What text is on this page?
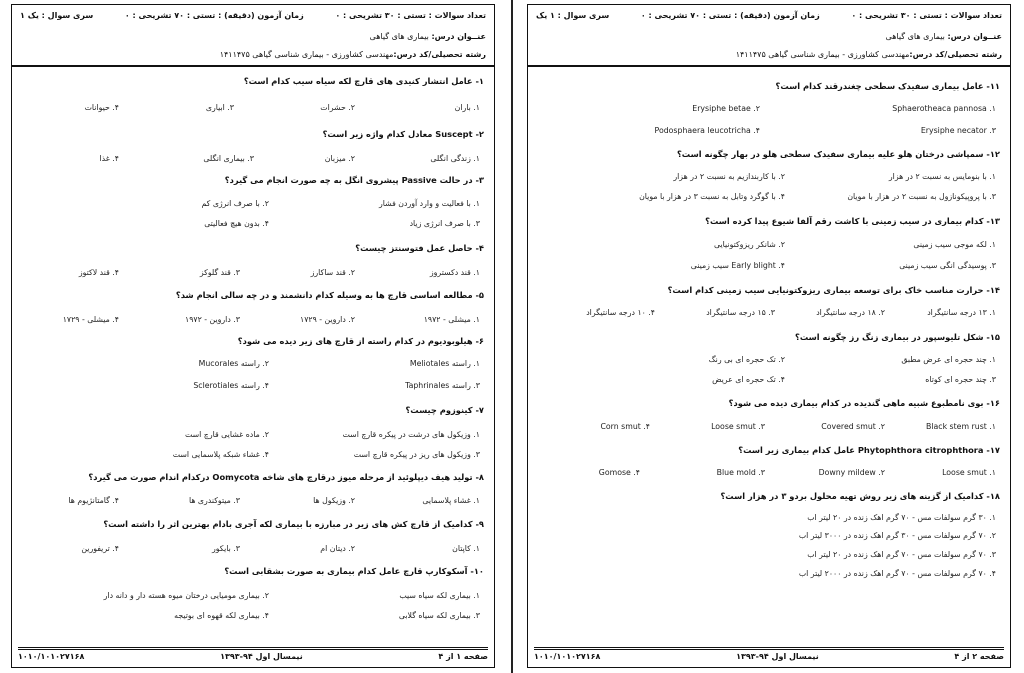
تعداد سوالات : تستی : ۳۰ تشریحی : ۰
زمان آزمون (دقیقه) : تستی : ۷۰ تشریحی : ۰
سری سوال : یک ۱
عنــوان درس: بیماری های گیاهی
رشته تحصیلی/کد درس:مهندسی کشاورزی - بیماری شناسی گیاهی ۱۴۱۱۴۷۵
۱- عامل انتشار کنیدی های قارچ لکه سیاه سیب کدام است؟
۱. باران
۲. حشرات
۳. ابیاری
۴. حیوانات
۲- Suscept معادل کدام واژه زیر است؟
۱. زندگی انگلی
۲. میزبان
۳. بیماری انگلی
۴. غذا
۳- در حالت Passive پیشروی انگل به چه صورت انجام می گیرد؟
۱. با فعالیت و وارد آوردن فشار
۲. با صرف انرژی کم
۳. با صرف انرژی زیاد
۴. بدون هیچ فعالیتی
۴- حاصل عمل فتوسنتز چیست؟
۱. قند دکستروز
۲. قند ساکارز
۳. قند گلوکز
۴. قند لاکتوز
۵- مطالعه اساسی قارچ ها به وسیله کدام دانشمند و در چه سالی انجام شد؟
۱. میشلی - ۱۹۷۲
۲. داروین - ۱۷۲۹
۳. داروین - ۱۹۷۲
۴. میشلی - ۱۷۲۹
۶- هیلوبودیوم در کدام راسته از قارچ های زیر دیده می شود؟
۱. راسته Meliotales
۲. راسته Mucorales
۳. راسته Taphrinales
۴. راسته Sclerotiales
۷- کینوزوم چیست؟
۱. وزیکول های درشت در پیکره قارچ است
۲. ماده غشایی قارچ است
۳. وزیکول های ریز در پیکره قارچ است
۴. غشاء شبکه پلاسمایی است
۸- تولید هیف دیپلوئید از مرحله میوز درقارچ های شاخه Oomycota درکدام اندام صورت می گیرد؟
۱. غشاء پلاسمایی
۲. وزیکول ها
۳. میتوکندری ها
۴. گامتانژیوم ها
۹- کدامیک از قارچ کش های زیر در مبارزه با بیماری لکه آجری بادام بهترین اثر را داشته است؟
۱. کاپتان
۲. دیتان ام
۳. بایکور
۴. تریفورین
۱۰- آسکوکارپ قارچ عامل کدام بیماری به صورت بشقابی است؟
۱. بیماری لکه سیاه سیب
۲. بیماری مومیایی درختان میوه هسته دار و دانه دار
۳. بیماری لکه سیاه گلابی
۴. بیماری لکه قهوه ای بوتیجه
صفحه ۱ از ۴
نیمسال اول ۹۴-۱۳۹۳
۱۰۱۰/۱۰۱۰۲۷۱۶۸
تعداد سوالات : تستی : ۳۰ تشریحی : ۰
زمان آزمون (دقیقه) : تستی : ۷۰ تشریحی : ۰
سری سوال : ۱ یک
عنــوان درس: بیماری های گیاهی
رشته تحصیلی/کد درس:مهندسی کشاورزی - بیماری شناسی گیاهی ۱۴۱۱۴۷۵
۱۱- عامل بیماری سفیدک سطحی چغندرقند کدام است؟
۱. Sphaerotheaca pannosa
۲. Erysiphe betae
۳. Erysiphe necator
۴. Podosphaera leucotricha
۱۲- سمپاشی درختان هلو علیه بیماری سفیدک سطحی هلو در بهار چگونه است؟
۱. با بنومایس به نسبت ۲ در هزار
۲. با کاربندازیم به نسبت ۲ در هزار
۳. با پروپیکونازول به نسبت ۲ در هزار با مویان
۴. با گوگرد وتابل به نسبت ۳ در هزار با مویان
۱۳- کدام بیماری در سیب زمینی با کاشت رقم آلفا شیوع پیدا کرده است؟
۱. لکه موجی سیب زمینی
۲. شانکر ریزوکتونیایی
۳. پوسیدگی انگی سیب زمینی
۴. Early blight سیب زمینی
۱۴- حرارت مناسب خاک برای توسعه بیماری ریزوکتونیایی سیب زمینی کدام است؟
۱. ۱۳ درجه سانتیگراد
۲. ۱۸ درجه سانتیگراد
۳. ۱۵ درجه سانتیگراد
۴. ۱۰ درجه سانتیگراد
۱۵- شکل تلیوسپور در بیماری زنگ رز چگونه است؟
۱. چند حجره ای عرض مطبق
۲. تک حجره ای بی رنگ
۳. چند حجره ای کوتاه
۴. تک حجره ای عریض
۱۶- بوی نامطبوع شبیه ماهی گندیده در کدام بیماری دیده می شود؟
۱. Black stem rust
۲. Covered smut
۳. Loose smut
۴. Corn smut
۱۷- Phytophthora citrophthora عامل کدام بیماری زیر است؟
۱. Loose smut
۲. Downy mildew
۳. Blue mold
۴. Gomose
۱۸- کدامیک از گزینه های زیر روش تهیه محلول بردو ۳ در هزار است؟
۱. ۳۰ گرم سولفات مس - ۷۰ گرم اهک زنده در ۲۰ لیتر اب
۲. ۷۰ گرم سولفات مس - ۳۰ گرم اهک زنده در ۳۰۰۰ لیتر اب
۳. ۷۰ گرم سولفات مس - ۷۰ گرم اهک زنده در ۲۰ لیتر اب
۴. ۷۰ گرم سولفات مس - ۷۰ گرم اهک زنده در ۲۰۰۰ لیتر اب
صفحه ۲ از ۴
نیمسال اول ۹۴-۱۳۹۳
۱۰۱۰/۱۰۱۰۲۷۱۶۸
